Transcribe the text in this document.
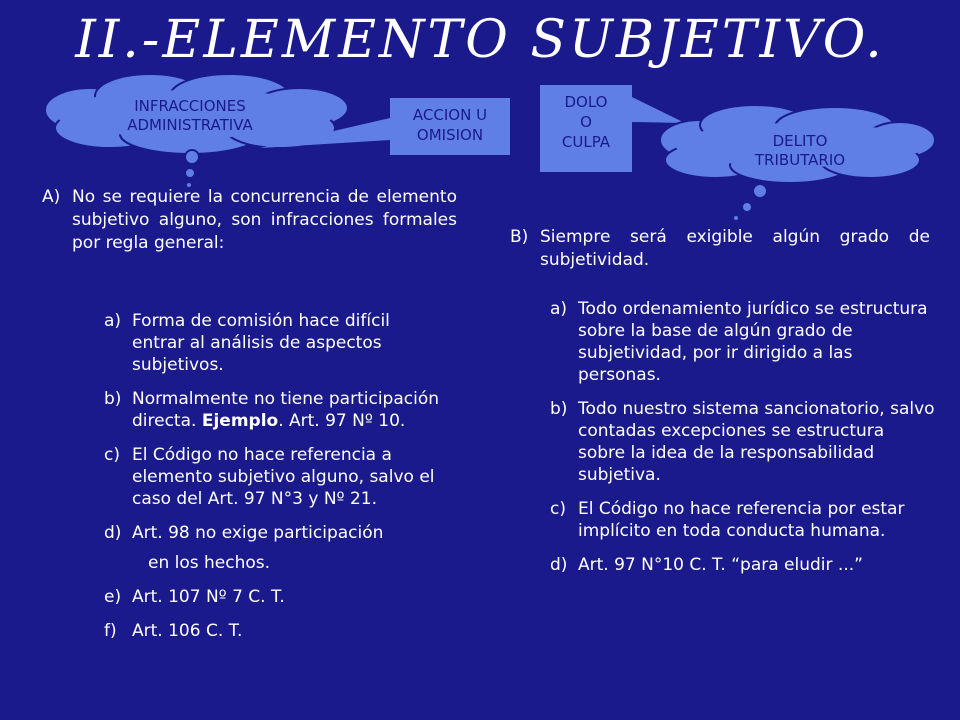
II.-ELEMENTO SUBJETIVO.
INFRACCIONES
ADMINISTRATIVA
ACCION U
OMISION
DOLO
O
CULPA	DELITO
TRIBUTARIO
A) No se requiere la concurrencia de elemento subjetivo alguno, son infracciones formales por regla general:
a) Forma de comisión hace difícil entrar al análisis de aspectos subjetivos.
b) Normalmente no tiene participación directa. Ejemplo. Art. 97 Nº 10.
c) El Código no hace referencia a elemento subjetivo alguno, salvo el caso del Art. 97 N°3 y Nº 21.
d) Art. 98 no exige participación
en los hechos.
e) Art. 107 Nº 7 C. T.
f) Art. 106 C. T.
B) Siempre será exigible algún grado de subjetividad.
a) Todo ordenamiento jurídico se estructura sobre la base de algún grado de subjetividad, por ir dirigido a las personas.
b) Todo nuestro sistema sancionatorio, salvo contadas excepciones se estructura sobre la idea de la responsabilidad subjetiva.
c) El Código no hace referencia por estar implícito en toda conducta humana.
d) Art. 97 N°10 C. T. “para eludir ...”
